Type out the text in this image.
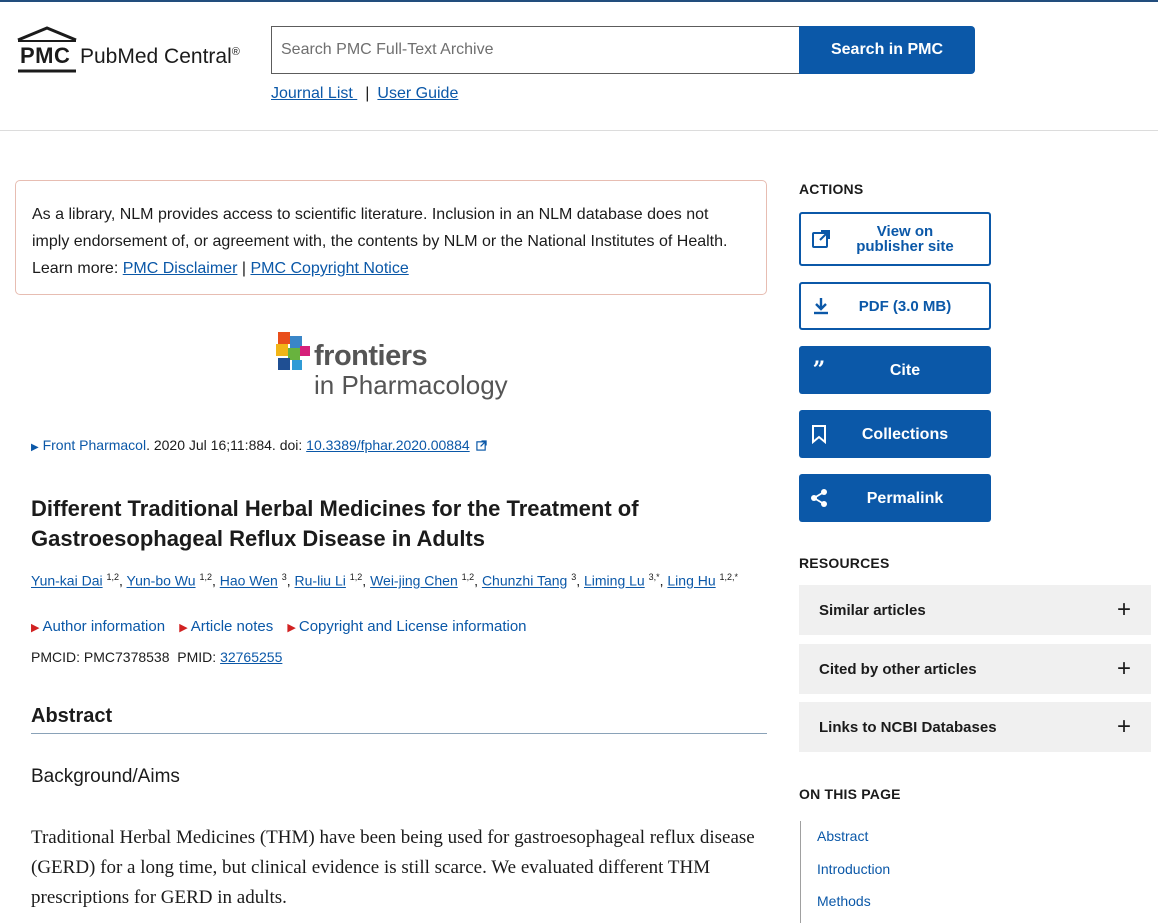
PMC PubMed Central®
Search PMC Full-Text Archive	Search in PMC
Journal List | User Guide
As a library, NLM provides access to scientific literature. Inclusion in an NLM database does not imply endorsement of, or agreement with, the contents by NLM or the National Institutes of Health. Learn more: PMC Disclaimer | PMC Copyright Notice
frontiers
in Pharmacology
▶ Front Pharmacol. 2020 Jul 16;11:884. doi: 10.3389/fphar.2020.00884
Different Traditional Herbal Medicines for the Treatment of Gastroesophageal Reflux Disease in Adults
Yun-kai Dai $^{1,2}$, Yun-bo Wu $^{1,2}$, Hao Wen $^3$, Ru-liu Li $^{1,2}$, Wei-jing Chen $^{1,2}$, Chunzhi Tang $^3$, Liming Lu $^{3,*}$, Ling Hu $^{1,2,*}$
▶ Author information ▶ Article notes ▶ Copyright and License information
PMCID: PMC7378538 PMID: 32765255
Abstract
Background/Aims

Traditional Herbal Medicines (THM) have been being used for gastroesophageal reflux disease (GERD) for a long time, but clinical evidence is still scarce. We evaluated different THM prescriptions for GERD in adults.

ACTIONS
View on
publisher site
PDF (3.0 MB)
”	Cite
Collections
Permalink
RESOURCES
Similar articles	+
Cited by other articles	+
Links to NCBI Databases	+
ON THIS PAGE
Abstract
Introduction
Methods
